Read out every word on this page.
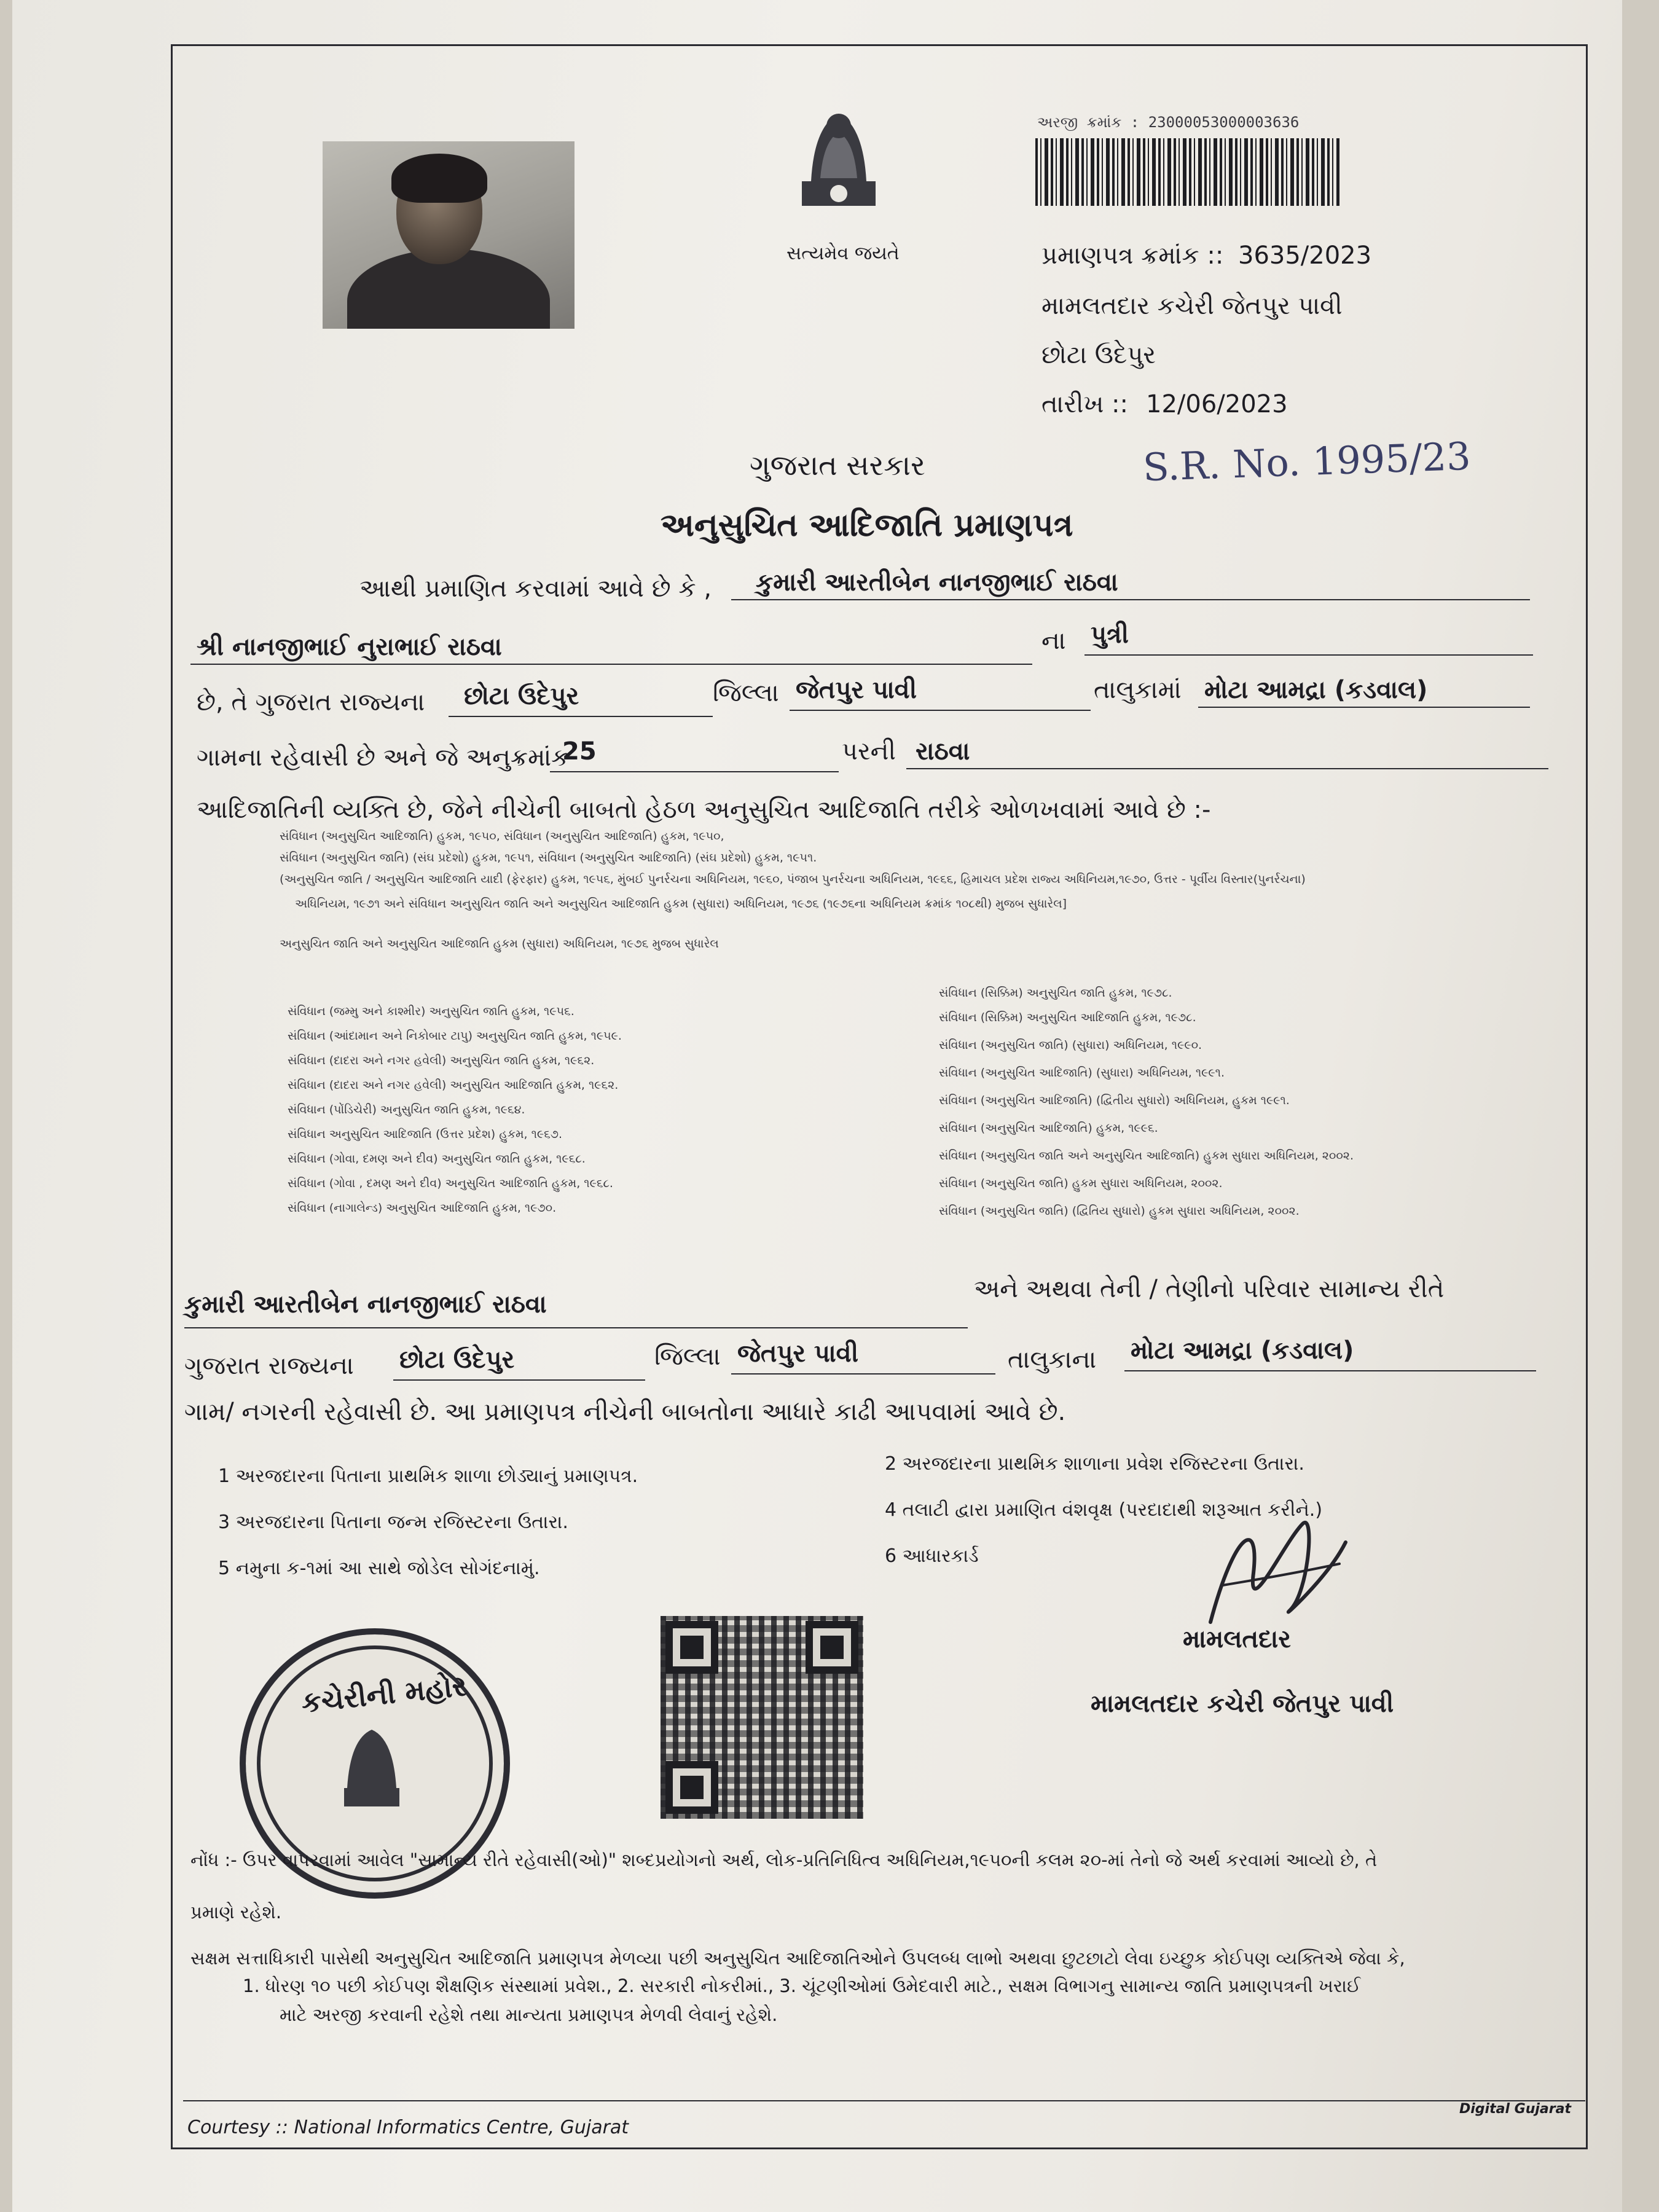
સત્યમેવ જયતે
અરજી ક્રમાંક : 23000053000003636
પ્રમાણપત્ર ક્રમાંક :: 3635/2023
મામલતદાર કચેરી જેતપુર પાવી
છોટા ઉદેપુર
તારીખ :: 12/06/2023
S.R. No. 1995/23
ગુજરાત સરકાર
અનુસુચિત આદિજાતિ પ્રમાણપત્ર
આથી પ્રમાણિત કરવામાં આવે છે કે , કુમારી આરતીબેન નાનજીભાઈ રાઠવા
શ્રી નાનજીભાઈ નુરાભાઈ રાઠવા	ના પુત્રી
છે, તે ગુજરાત રાજ્યના છોટા ઉદેપુર	જિલ્લા જેતપુર પાવી	તાલુકામાં મોટા આમદ્રા (કડવાલ)
ગામના રહેવાસી છે અને જે અનુક્રમાંક
25	પરની રાઠવા
આદિજાતિની વ્યક્તિ છે, જેને નીચેની બાબતો હેઠળ અનુસુચિત આદિજાતિ તરીકે ઓળખવામાં આવે છે :-
સંવિધાન (અનુસુચિત આદિજાતિ) હુકમ, ૧૯૫૦, સંવિધાન (અનુસુચિત આદિજાતિ) હુકમ, ૧૯૫૦,
સંવિધાન (અનુસુચિત જાતિ) (સંઘ પ્રદેશો) હુકમ, ૧૯૫૧, સંવિધાન (અનુસુચિત આદિજાતિ) (સંઘ પ્રદેશો) હુકમ, ૧૯૫૧.
(અનુસુચિત જાતિ / અનુસુચિત આદિજાતિ યાદી (ફેરફાર) હુકમ, ૧૯૫૬, મુંબઈ પુનર્રચના અધિનિયમ, ૧૯૬૦, પંજાબ પુનર્રચના અધિનિયમ, ૧૯૬૬, હિમાચલ પ્રદેશ રાજ્ય અધિનિયમ,૧૯૭૦, ઉત્તર - પૂર્વીય વિસ્તાર(પુનર્રચના)
અધિનિયમ, ૧૯૭૧ અને સંવિધાન અનુસુચિત જાતિ અને અનુસુચિત આદિજાતિ હુકમ (સુધારા) અધિનિયમ, ૧૯૭૬ (૧૯૭૬ના અધિનિયમ ક્રમાંક ૧૦૮થી) મુજબ સુધારેલ]
અનુસુચિત જાતિ અને અનુસુચિત આદિજાતિ હુકમ (સુધારા) અધિનિયમ, ૧૯૭૬ મુજબ સુધારેલ
સંવિધાન (જમ્મુ અને કાશ્મીર) અનુસુચિત જાતિ હુકમ, ૧૯૫૬.
સંવિધાન (આંદામાન અને નિકોબાર ટાપુ) અનુસુચિત જાતિ હુકમ, ૧૯૫૯.
સંવિધાન (દાદરા અને નગર હવેલી) અનુસુચિત જાતિ હુકમ, ૧૯૬૨.
સંવિધાન (દાદરા અને નગર હવેલી) અનુસુચિત આદિજાતિ હુકમ, ૧૯૬૨.
સંવિધાન (પોંડિચેરી) અનુસુચિત જાતિ હુકમ, ૧૯૬૪.
સંવિધાન અનુસુચિત આદિજાતિ (ઉત્તર પ્રદેશ) હુકમ, ૧૯૬૭.
સંવિધાન (ગોવા, દમણ અને દીવ) અનુસુચિત જાતિ હુકમ, ૧૯૬૮.
સંવિધાન (ગોવા , દમણ અને દીવ) અનુસુચિત આદિજાતિ હુકમ, ૧૯૬૮.
સંવિધાન (નાગાલેન્ડ) અનુસુચિત આદિજાતિ હુકમ, ૧૯૭૦.
સંવિધાન (સિક્કિમ) અનુસુચિત જાતિ હુકમ, ૧૯૭૮.
સંવિધાન (સિક્કિમ) અનુસુચિત આદિજાતિ હુકમ, ૧૯૭૮.
સંવિધાન (અનુસુચિત જાતિ) (સુધારા) અધિનિયમ, ૧૯૯૦.
સંવિધાન (અનુસુચિત આદિજાતિ) (સુધારા) અધિનિયમ, ૧૯૯૧.
સંવિધાન (અનુસુચિત આદિજાતિ) (દ્વિતીય સુધારો) અધિનિયમ, હુકમ ૧૯૯૧.
સંવિધાન (અનુસુચિત આદિજાતિ) હુકમ, ૧૯૯૬.
સંવિધાન (અનુસુચિત જાતિ અને અનુસુચિત આદિજાતિ) હુકમ સુધારા અધિનિયમ, ૨૦૦૨.
સંવિધાન (અનુસુચિત જાતિ) હુકમ સુધારા અધિનિયમ, ૨૦૦૨.
સંવિધાન (અનુસુચિત જાતિ) (દ્વિતિય સુધારો) હુકમ સુધારા અધિનિયમ, ૨૦૦૨.
કુમારી આરતીબેન નાનજીભાઈ રાઠવા
અને અથવા તેની / તેણીનો પરિવાર સામાન્ય રીતે
ગુજરાત રાજ્યના છોટા ઉદેપુર	જિલ્લા જેતપુર પાવી	તાલુકાના મોટા આમદ્રા (કડવાલ)
ગામ/ નગરની રહેવાસી છે. આ પ્રમાણપત્ર નીચેની બાબતોના આધારે કાઢી આપવામાં આવે છે.
1 અરજદારના પિતાના પ્રાથમિક શાળા છોડ્યાનું પ્રમાણપત્ર.
2 અરજદારના પ્રાથમિક શાળાના પ્રવેશ રજિસ્ટરના ઉતારા.
3 અરજદારના પિતાના જન્મ રજિસ્ટરના ઉતારા.
4 તલાટી દ્વારા પ્રમાણિત વંશવૃક્ષ (પરદાદાથી શરૂઆત કરીને.)
5 નમુના ક-૧માં આ સાથે જોડેલ સોગંદનામું.
6 આધારકાર્ડ
મામલતદાર
મામલતદાર કચેરી જેતપુર પાવી
કચેરીની મહોર
નોંધ :- ઉપર વાપરવામાં આવેલ "સામાન્ય રીતે રહેવાસી(ઓ)" શબ્દપ્રયોગનો અર્થ, લોક-પ્રતિનિધિત્વ અધિનિયમ,૧૯૫૦ની કલમ ૨૦-માં તેનો જે અર્થ કરવામાં આવ્યો છે, તે
પ્રમાણે રહેશે.
સક્ષમ સત્તાધિકારી પાસેથી અનુસુચિત આદિજાતિ પ્રમાણપત્ર મેળવ્યા પછી અનુસુચિત આદિજાતિઓને ઉપલબ્ધ લાભો અથવા છુટછાટો લેવા ઇચ્છુક કોઈપણ વ્યક્તિએ જેવા કે,
1. ધોરણ ૧૦ પછી કોઈપણ શૈક્ષણિક સંસ્થામાં પ્રવેશ., 2. સરકારી નોકરીમાં., 3. ચૂંટણીઓમાં ઉમેદવારી માટે., સક્ષમ વિભાગનુ સામાન્ય જાતિ પ્રમાણપત્રની ખરાઈ
માટે અરજી કરવાની રહેશે તથા માન્યતા પ્રમાણપત્ર મેળવી લેવાનું રહેશે.
Courtesy :: National Informatics Centre, Gujarat
Digital Gujarat
